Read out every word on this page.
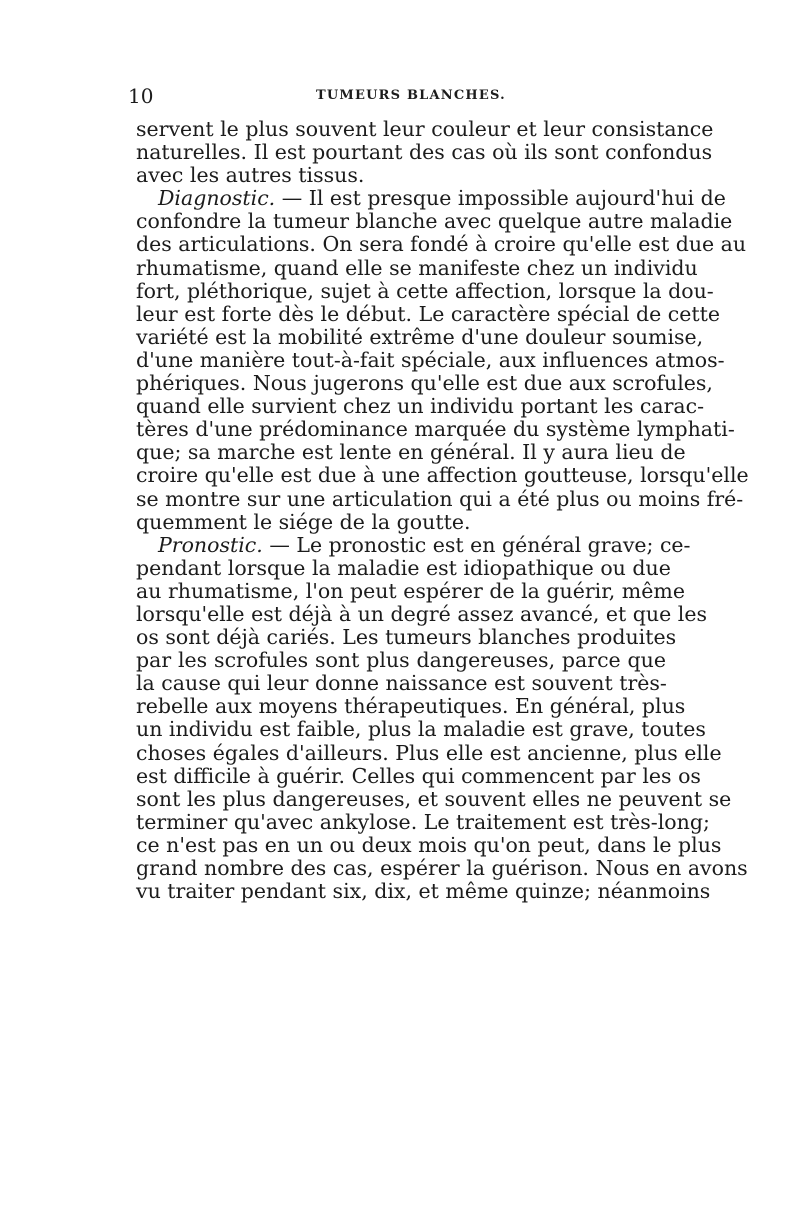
10	TUMEURS BLANCHES.
servent le plus souvent leur couleur et leur consistance
naturelles. Il est pourtant des cas où ils sont confondus
avec les autres tissus.
Diagnostic. — Il est presque impossible aujourd'hui de
confondre la tumeur blanche avec quelque autre maladie
des articulations. On sera fondé à croire qu'elle est due au
rhumatisme, quand elle se manifeste chez un individu
fort, pléthorique, sujet à cette affection, lorsque la dou-
leur est forte dès le début. Le caractère spécial de cette
variété est la mobilité extrême d'une douleur soumise,
d'une manière tout-à-fait spéciale, aux influences atmos-
phériques. Nous jugerons qu'elle est due aux scrofules,
quand elle survient chez un individu portant les carac-
tères d'une prédominance marquée du système lymphati-
que; sa marche est lente en général. Il y aura lieu de
croire qu'elle est due à une affection goutteuse, lorsqu'elle
se montre sur une articulation qui a été plus ou moins fré-
quemment le siége de la goutte.
Pronostic. — Le pronostic est en général grave; ce-
pendant lorsque la maladie est idiopathique ou due
au rhumatisme, l'on peut espérer de la guérir, même
lorsqu'elle est déjà à un degré assez avancé, et que les
os sont déjà cariés. Les tumeurs blanches produites
par les scrofules sont plus dangereuses, parce que
la cause qui leur donne naissance est souvent très-
rebelle aux moyens thérapeutiques. En général, plus
un individu est faible, plus la maladie est grave, toutes
choses égales d'ailleurs. Plus elle est ancienne, plus elle
est difficile à guérir. Celles qui commencent par les os
sont les plus dangereuses, et souvent elles ne peuvent se
terminer qu'avec ankylose. Le traitement est très-long;
ce n'est pas en un ou deux mois qu'on peut, dans le plus
grand nombre des cas, espérer la guérison. Nous en avons
vu traiter pendant six, dix, et même quinze; néanmoins
